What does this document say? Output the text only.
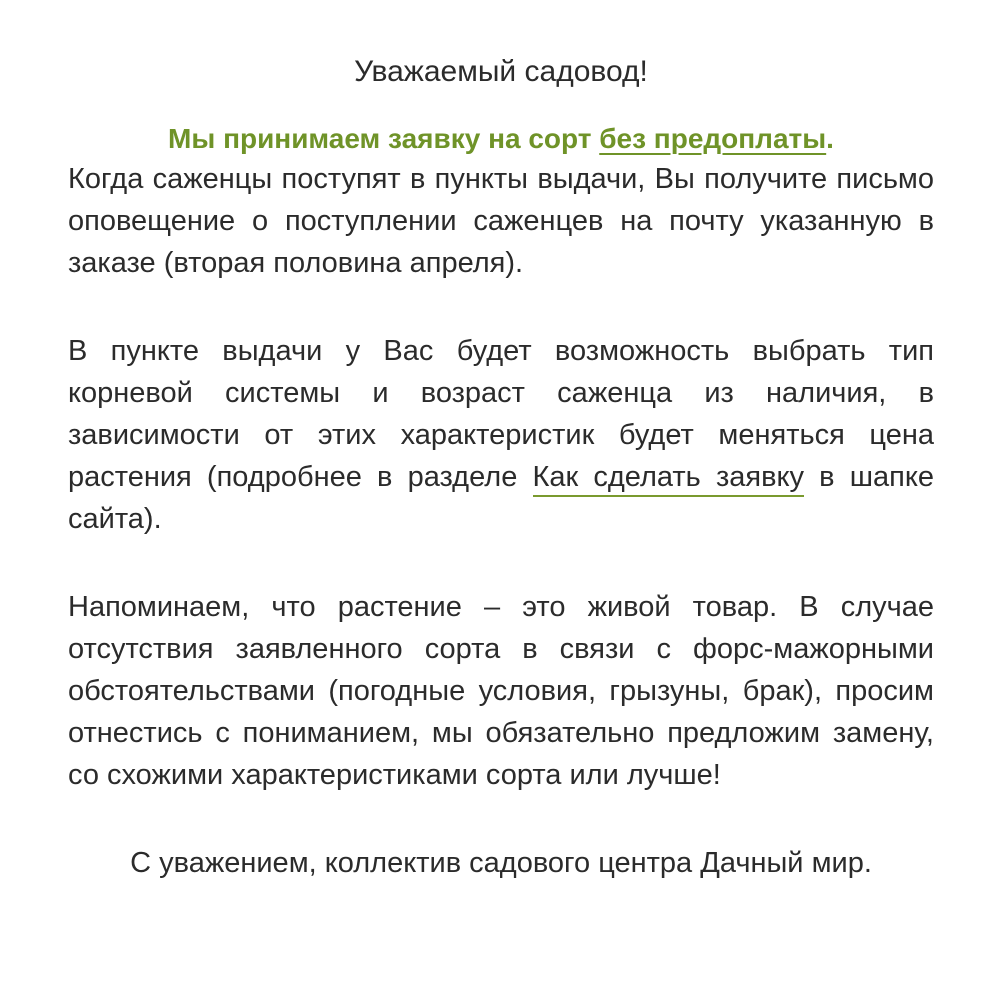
Уважаемый садовод!

Мы принимаем заявку на сорт без предоплаты.

Когда саженцы поступят в пункты выдачи, Вы получите письмо оповещение о поступлении саженцев на почту указанную в заказе (вторая половина апреля).

В пункте выдачи у Вас будет возможность выбрать тип корневой системы и возраст саженца из наличия, в зависимости от этих характеристик будет меняться цена растения (подробнее в разделе Как сделать заявку в шапке сайта).

Напоминаем, что растение – это живой товар. В случае отсутствия заявленного сорта в связи с форс-мажорными обстоятельствами (погодные условия, грызуны, брак), просим отнестись с пониманием, мы обязательно предложим замену, со схожими характеристиками сорта или лучше!

С уважением, коллектив садового центра Дачный мир.
